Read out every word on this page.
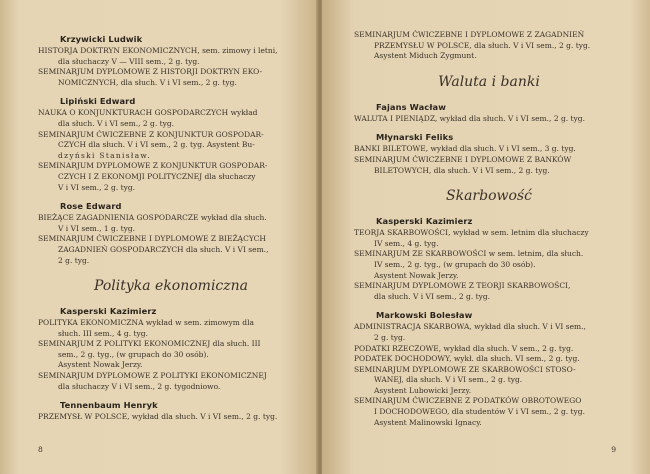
Krzywicki Ludwik

HISTORJA DOKTRYN EKONOMICZNYCH, sem. zimowy i letni,

dla słuchaczy V — VIII sem., 2 g. tyg.

SEMINARJUM DYPLOMOWE Z HISTORJI DOKTRYN EKO-

NOMICZNYCH, dla słuch. V i VI sem., 2 g. tyg.

Lipiński Edward

NAUKA O KONJUNKTURACH GOSPODARCZYCH wykład

dla słuch. V i VI sem., 2 g. tyg.

SEMINARJUM ĆWICZEBNE Z KONJUNKTUR GOSPODAR-

CZYCH dla słuch. V i VI sem., 2 g. tyg. Asystent Bu-

dzyński Stanisław.

SEMINARJUM DYPLOMOWE Z KONJUNKTUR GOSPODAR-

CZYCH I Z EKONOMJI POLITYCZNEJ dla słuchaczy

V i VI sem., 2 g. tyg.

Rose Edward

BIEŻĄCE ZAGADNIENIA GOSPODARCZE wykład dla słuch.

V i VI sem., 1 g. tyg.

SEMINARJUM ĆWICZEBNE I DYPLOMOWE Z BIEŻĄCYCH

ZAGADNIEŃ GOSPODARCZYCH dla słuch. V i VI sem.,

2 g. tyg.

Polityka ekonomiczna
Kasperski Kazimierz

POLITYKA EKONOMICZNA wykład w sem. zimowym dla

słuch. III sem., 4 g. tyg.

SEMINARJUM Z POLITYKI EKONOMICZNEJ dla słuch. III

sem., 2 g. tyg., (w grupach do 30 osób).

Asystent Nowak Jerzy.

SEMINARJUM DYPLOMOWE Z POLITYKI EKONOMICZNEJ

dla słuchaczy V i VI sem., 2 g. tygodniowo.

Tennenbaum Henryk

PRZEMYSŁ W POLSCE, wykład dla słuch. V i VI sem., 2 g. tyg.

8

SEMINARJUM ĆWICZEBNE I DYPLOMOWE Z ZAGADNIEŃ

PRZEMYSŁU W POLSCE, dla słuch. V i VI sem., 2 g. tyg.

Asystent Miduch Zygmunt.

Waluta i banki
Fajans Wacław

WALUTA I PIENIĄDZ, wykład dla słuch. V i VI sem., 2 g. tyg.

Młynarski Feliks

BANKI BILETOWE, wykład dla słuch. V i VI sem., 3 g. tyg.

SEMINARJUM ĆWICZEBNE I DYPLOMOWE Z BANKÓW

BILETOWYCH, dla słuch. V i VI sem., 2 g. tyg.

Skarbowość
Kasperski Kazimierz

TEORJA SKARBOWOŚCI, wykład w sem. letnim dla słuchaczy

IV sem., 4 g. tyg.

SEMINARJUM ZE SKARBOWOŚCI w sem. letnim, dla słuch.

IV sem., 2 g. tyg., (w grupach do 30 osób).

Asystent Nowak Jerzy.

SEMINARJUM DYPLOMOWE Z TEORJI SKARBOWOŚCI,

dla słuch. V i VI sem., 2 g. tyg.

Markowski Bolesław

ADMINISTRACJA SKARBOWA, wykład dla słuch. V i VI sem.,

2 g. tyg.

PODATKI RZECZOWE, wykład dla słuch. V sem., 2 g. tyg.

PODATEK DOCHODOWY, wykł. dla słuch. VI sem., 2 g. tyg.

SEMINARJUM DYPLOMOWE ZE SKARBOWOŚCI STOSO-

WANEJ, dla słuch. V i VI sem., 2 g. tyg.

Asystent Lubowicki Jerzy.

SEMINARJUM ĆWICZEBNE Z PODATKÓW OBROTOWEGO

I DOCHODOWEGO, dla studentów V i VI sem., 2 g. tyg.

Asystent Malinowski Ignacy.

9
